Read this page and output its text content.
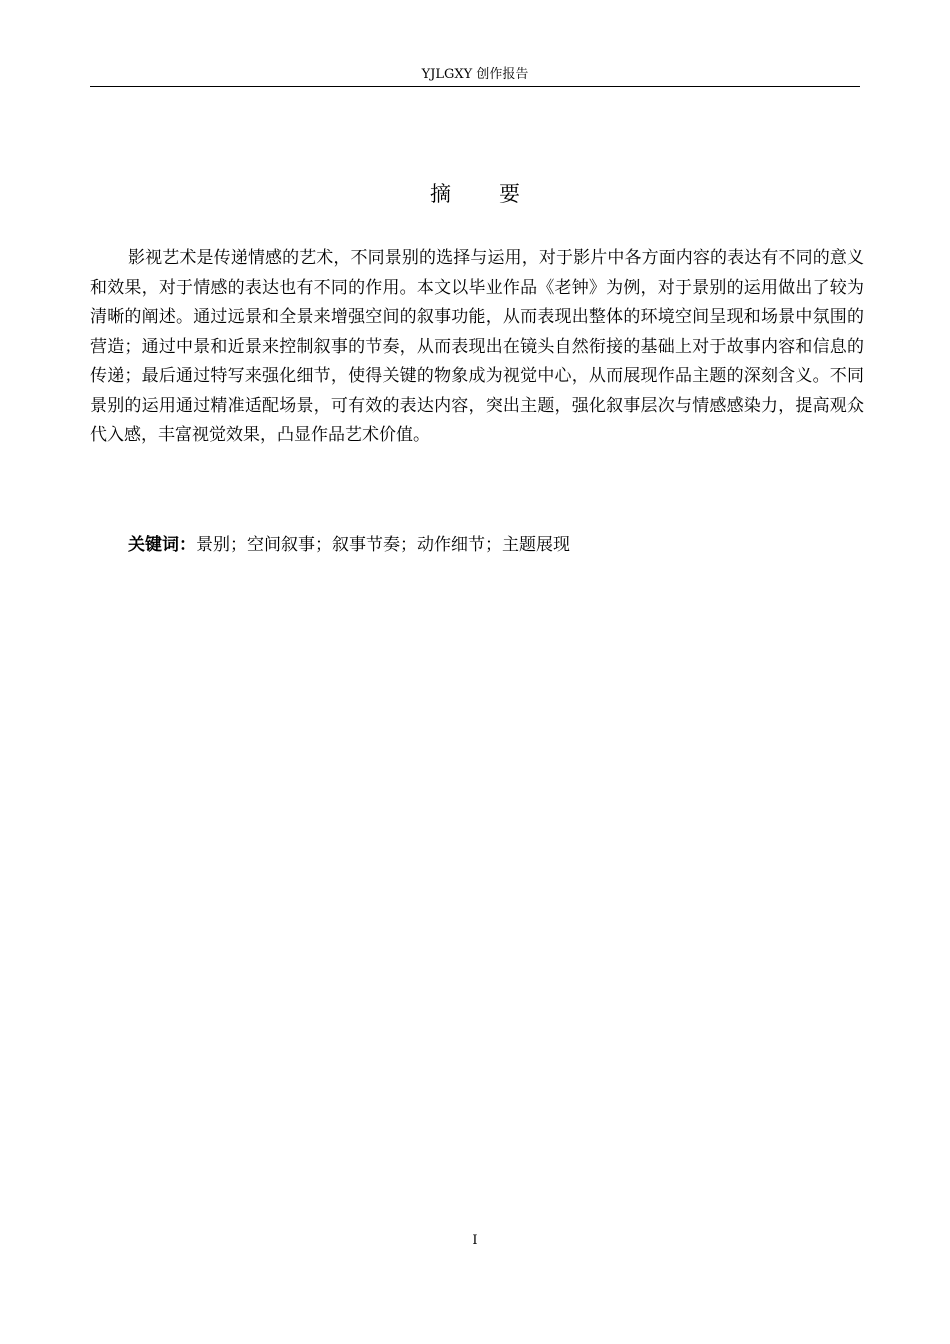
YJLGXY 创作报告
摘 要

影视艺术是传递情感的艺术，不同景别的选择与运用，对于影片中各方面内容的表达有不同的意义和效果，对于情感的表达也有不同的作用。本文以毕业作品《老钟》为例，对于景别的运用做出了较为清晰的阐述。通过远景和全景来增强空间的叙事功能，从而表现出整体的环境空间呈现和场景中氛围的营造；通过中景和近景来控制叙事的节奏，从而表现出在镜头自然衔接的基础上对于故事内容和信息的传递；最后通过特写来强化细节，使得关键的物象成为视觉中心，从而展现作品主题的深刻含义。不同景别的运用通过精准适配场景，可有效的表达内容，突出主题，强化叙事层次与情感感染力，提高观众代入感，丰富视觉效果，凸显作品艺术价值。

关键词：景别；空间叙事；叙事节奏；动作细节；主题展现

I
